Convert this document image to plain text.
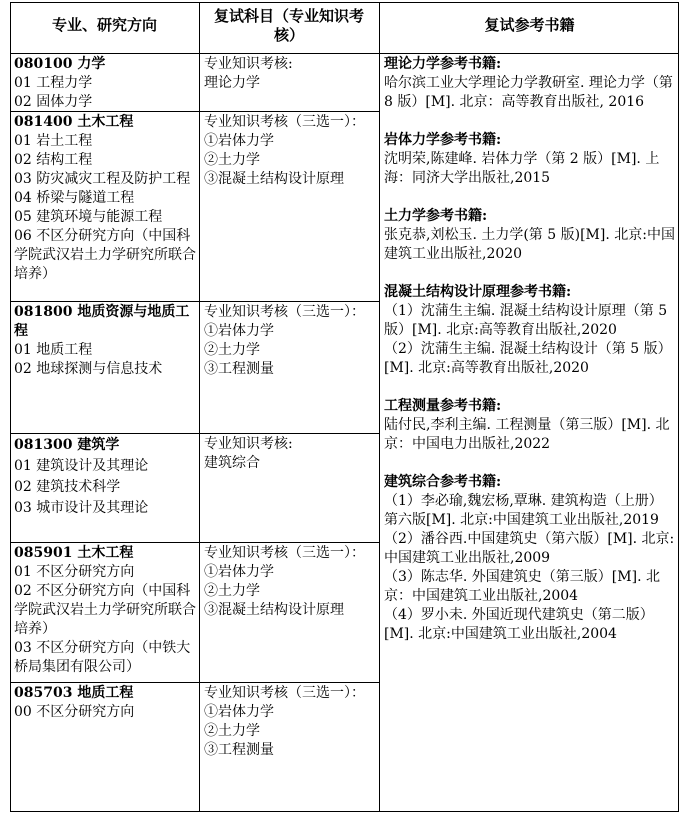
专业、研究方向	复试科目（专业知识考核）
复试参考书籍
080100 力学
01 工程力学
02 固体力学
专业知识考核:
理论力学
081400 土木工程
01 岩土工程
02 结构工程
03 防灾减灾工程及防护工程
04 桥梁与隧道工程
05 建筑环境与能源工程
06 不区分研究方向（中国科学院武汉岩土力学研究所联合培养）
专业知识考核（三选一）：
①岩体力学
②土力学
③混凝土结构设计原理
081800 地质资源与地质工程
01 地质工程
02 地球探测与信息技术
专业知识考核（三选一）：
①岩体力学
②土力学
③工程测量
081300 建筑学
01 建筑设计及其理论
02 建筑技术科学
03 城市设计及其理论
专业知识考核:
建筑综合
085901 土木工程
01 不区分研究方向
02 不区分研究方向（中国科学院武汉岩土力学研究所联合培养）
03 不区分研究方向（中铁大桥局集团有限公司）
专业知识考核（三选一）：
①岩体力学
②土力学
③混凝土结构设计原理
085703 地质工程
00 不区分研究方向
专业知识考核（三选一）：
①岩体力学
②土力学
③工程测量
理论力学参考书籍:
哈尔滨工业大学理论力学教研室. 理论力学（第 8 版）[M]. 北京：高等教育出版社, 2016
岩体力学参考书籍:
沈明荣,陈建峰. 岩体力学（第 2 版）[M]. 上海：同济大学出版社,2015
土力学参考书籍:
张克恭,刘松玉. 土力学(第 5 版)[M]. 北京:中国建筑工业出版社,2020
混凝土结构设计原理参考书籍:
（1）沈蒲生主编. 混凝土结构设计原理（第 5 版）[M]. 北京:高等教育出版社,2020
（2）沈蒲生主编. 混凝土结构设计（第 5 版）[M]. 北京:高等教育出版社,2020
工程测量参考书籍:
陆付民,李利主编. 工程测量（第三版）[M]. 北京：中国电力出版社,2022
建筑综合参考书籍:
（1）李必瑜,魏宏杨,覃琳. 建筑构造（上册）第六版[M]. 北京:中国建筑工业出版社,2019
（2）潘谷西.中国建筑史（第六版）[M]. 北京:中国建筑工业出版社,2009
（3）陈志华. 外国建筑史（第三版）[M]. 北京：中国建筑工业出版社,2004
（4）罗小未. 外国近现代建筑史（第二版）[M]. 北京:中国建筑工业出版社,2004
